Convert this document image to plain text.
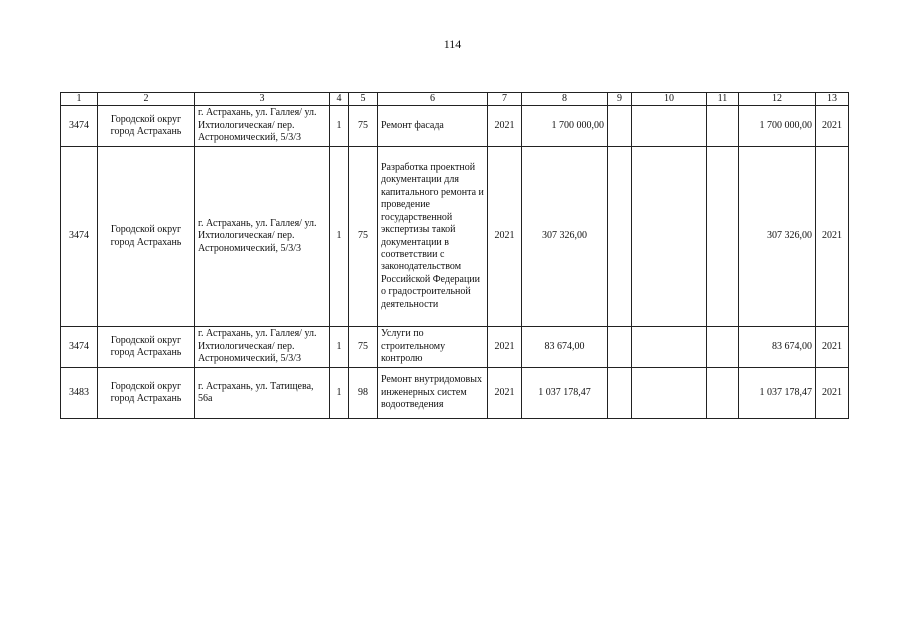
114
1	2	3	4	5	6	7	8	9	10	11	12	13
3474	Городской округ город Астрахань	г. Астрахань, ул. Галлея/ ул. Ихтиологическая/ пер. Астрономический, 5/3/3	1	75	Ремонт фасада	2021	1 700 000,00				1 700 000,00	2021
3474	Городской округ город Астрахань	г. Астрахань, ул. Галлея/ ул. Ихтиологическая/ пер. Астрономический, 5/3/3	1	75	Разработка проектной документации для капитального ремонта и проведение государственной экспертизы такой документации в соответствии с законодательством Российской Федерации о градостроительной деятельности	2021	307 326,00				307 326,00	2021
3474	Городской округ город Астрахань	г. Астрахань, ул. Галлея/ ул. Ихтиологическая/ пер. Астрономический, 5/3/3	1	75	Услуги по строительному контролю	2021	83 674,00				83 674,00	2021
3483	Городской округ город Астрахань	г. Астрахань, ул. Татищева, 56а	1	98	Ремонт внутридомовых инженерных систем водоотведения	2021	1 037 178,47				1 037 178,47	2021
